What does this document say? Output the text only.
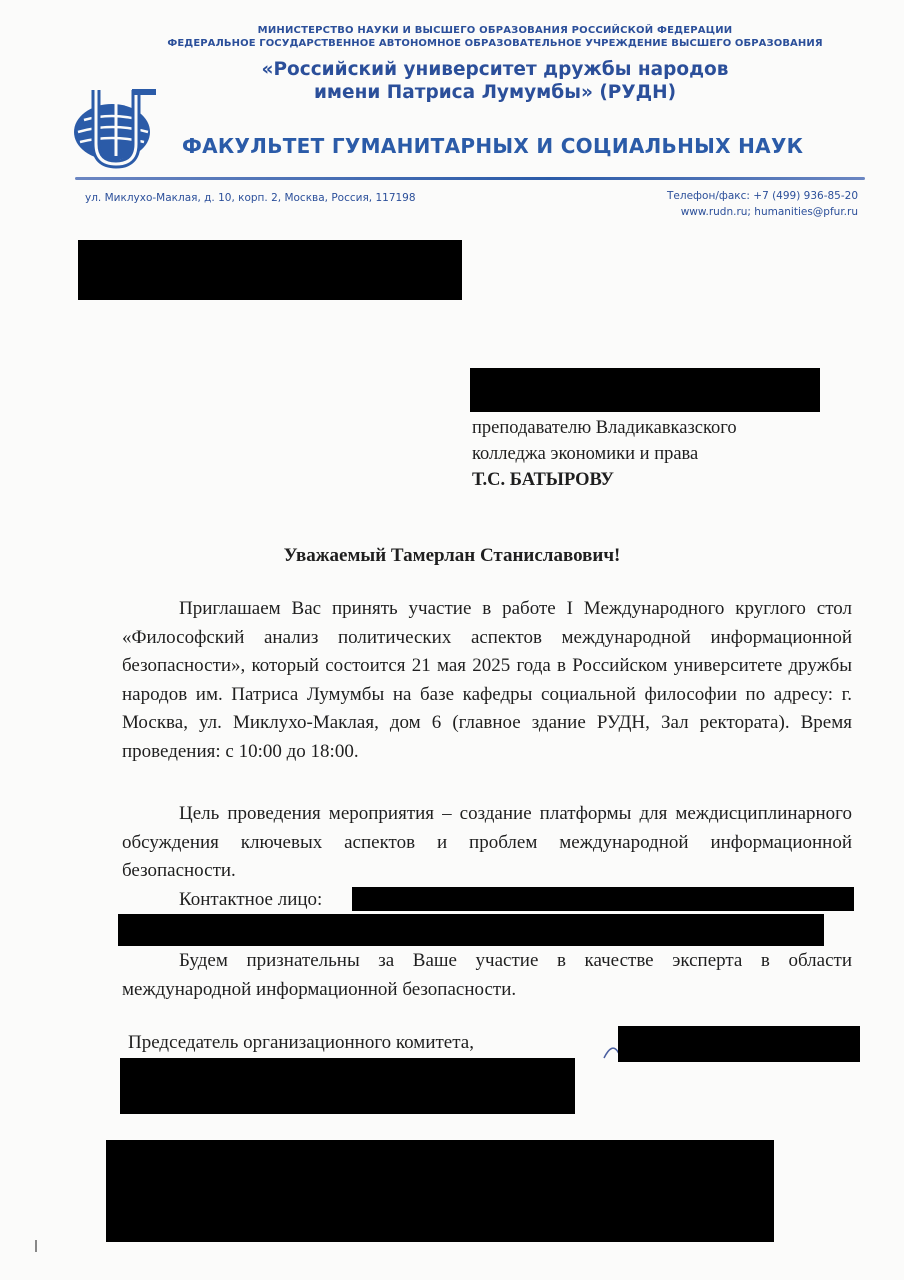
МИНИСТЕРСТВО НАУКИ И ВЫСШЕГО ОБРАЗОВАНИЯ РОССИЙСКОЙ ФЕДЕРАЦИИ
ФЕДЕРАЛЬНОЕ ГОСУДАРСТВЕННОЕ АВТОНОМНОЕ ОБРАЗОВАТЕЛЬНОЕ УЧРЕЖДЕНИЕ ВЫСШЕГО ОБРАЗОВАНИЯ
«Российский университет дружбы народов
имени Патриса Лумумбы» (РУДН)
ФАКУЛЬТЕТ ГУМАНИТАРНЫХ И СОЦИАЛЬНЫХ НАУК
ул. Миклухо-Маклая, д. 10, корп. 2, Москва, Россия, 117198	Телефон/факс: +7 (499) 936-85-20
www.rudn.ru; humanities@pfur.ru
преподавателю Владикавказского
колледжа экономики и права
Т.С. БАТЫРОВУ
Уважаемый Тамерлан Станиславович!
Приглашаем Вас принять участие в работе I Международного круглого стол «Философский анализ политических аспектов международной информационной безопасности», который состоится 21 мая 2025 года в Российском университете дружбы народов им. Патриса Лумумбы на базе кафедры социальной философии по адресу: г. Москва, ул. Миклухо-Маклая, дом 6 (главное здание РУДН, Зал ректората). Время проведения: с 10:00 до 18:00.
Цель проведения мероприятия – создание платформы для междисциплинарного обсуждения ключевых аспектов и проблем международной информационной безопасности.
Контактное лицо:
Будем признательны за Ваше участие в качестве эксперта в области международной информационной безопасности.
Председатель организационного комитета,
